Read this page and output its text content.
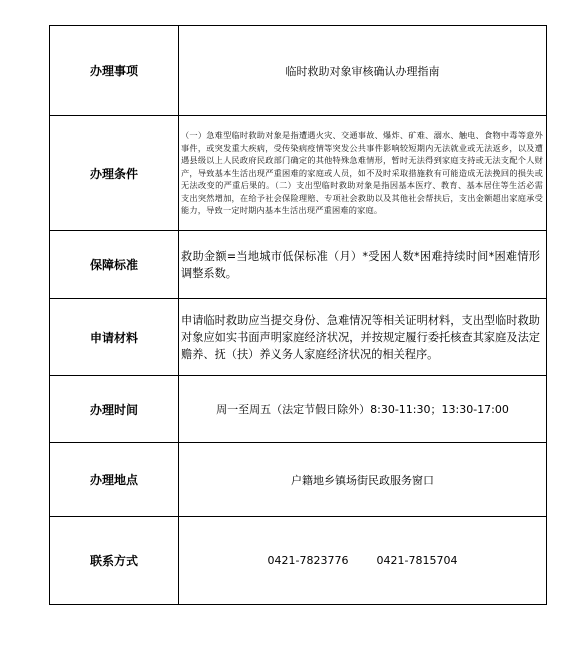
办理事项	临时救助对象审核确认办理指南
办理条件	（一）急难型临时救助对象是指遭遇火灾、交通事故、爆炸、矿难、溺水、触电、食物中毒等意外事件，或突发重大疾病，受传染病疫情等突发公共事件影响较短期内无法就业或无法返乡，以及遭遇县级以上人民政府民政部门确定的其他特殊急难情形，暂时无法得到家庭支持或无法支配个人财产，导致基本生活出现严重困难的家庭或人员，如不及时采取措施救有可能造成无法挽回的损失或无法改变的严重后果的。（二）支出型临时救助对象是指因基本医疗、教育、基本居住等生活必需支出突然增加，在给予社会保险理赔、专项社会救助以及其他社会帮扶后，支出金额超出家庭承受能力，导致一定时期内基本生活出现严重困难的家庭。
保障标准	救助金额=当地城市低保标准（月）*受困人数*困难持续时间*困难情形调整系数。
申请材料	申请临时救助应当提交身份、急难情况等相关证明材料，支出型临时救助对象应如实书面声明家庭经济状况，并按规定履行委托核查其家庭及法定赡养、抚（扶）养义务人家庭经济状况的相关程序。
办理时间	周一至周五（法定节假日除外）8:30-11:30；13:30-17:00
办理地点	户籍地乡镇场街民政服务窗口
联系方式	0421-7823776 0421-7815704
